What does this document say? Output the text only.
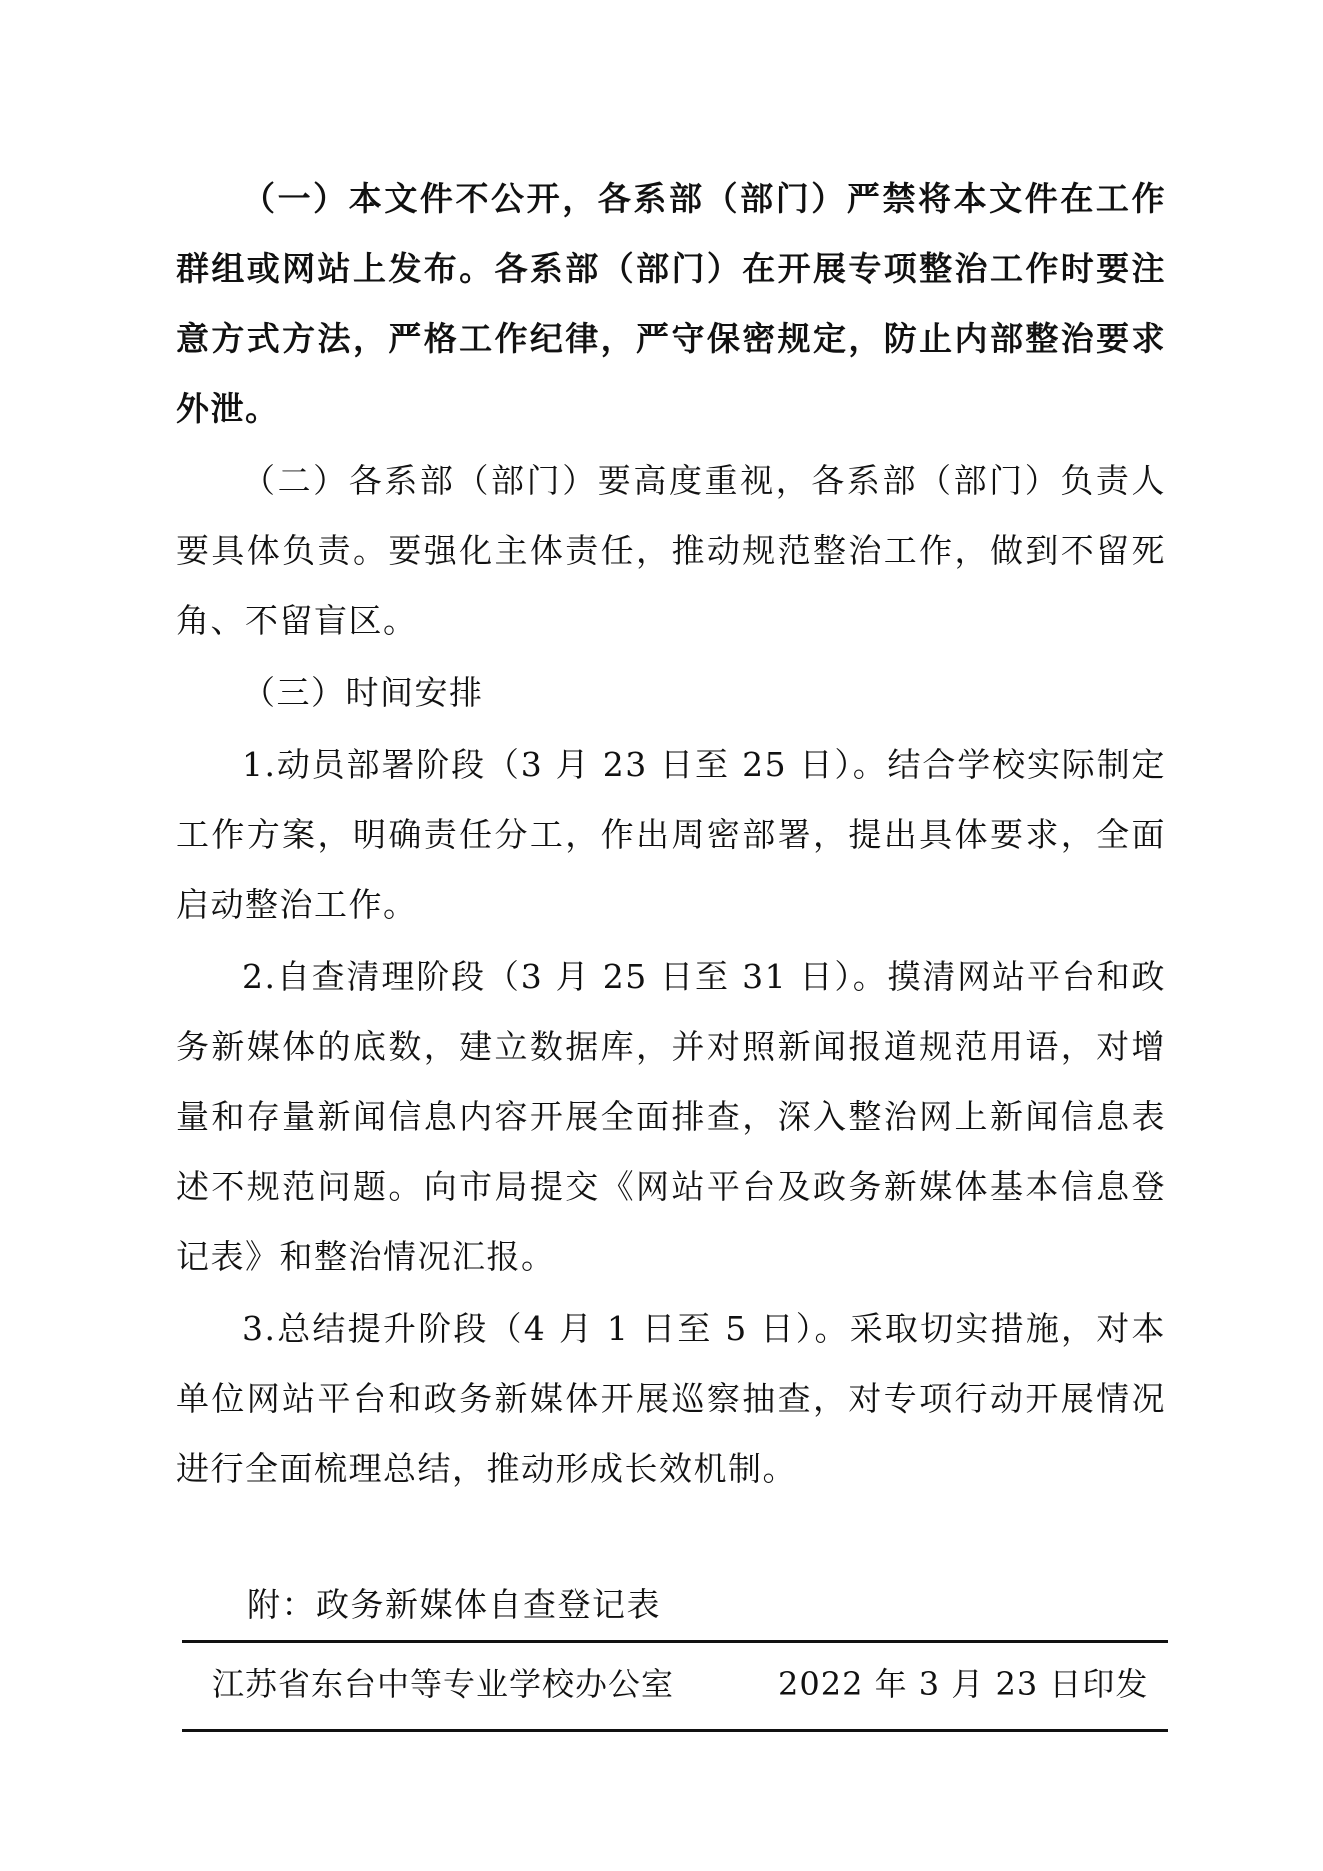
（一）本文件不公开，各系部（部门）严禁将本文件在工作群组或网站上发布。各系部（部门）在开展专项整治工作时要注意方式方法，严格工作纪律，严守保密规定，防止内部整治要求外泄。

（二）各系部（部门）要高度重视，各系部（部门）负责人要具体负责。要强化主体责任，推动规范整治工作，做到不留死角、不留盲区。

（三）时间安排

1.动员部署阶段（3 月 23 日至 25 日）。结合学校实际制定工作方案，明确责任分工，作出周密部署，提出具体要求，全面启动整治工作。

2.自查清理阶段（3 月 25 日至 31 日）。摸清网站平台和政务新媒体的底数，建立数据库，并对照新闻报道规范用语，对增量和存量新闻信息内容开展全面排查，深入整治网上新闻信息表述不规范问题。向市局提交《网站平台及政务新媒体基本信息登记表》和整治情况汇报。

3.总结提升阶段（4 月 1 日至 5 日）。采取切实措施，对本单位网站平台和政务新媒体开展巡察抽查，对专项行动开展情况进行全面梳理总结，推动形成长效机制。

附：政务新媒体自查登记表

江苏省东台中等专业学校办公室	2022 年 3 月 23 日印发
